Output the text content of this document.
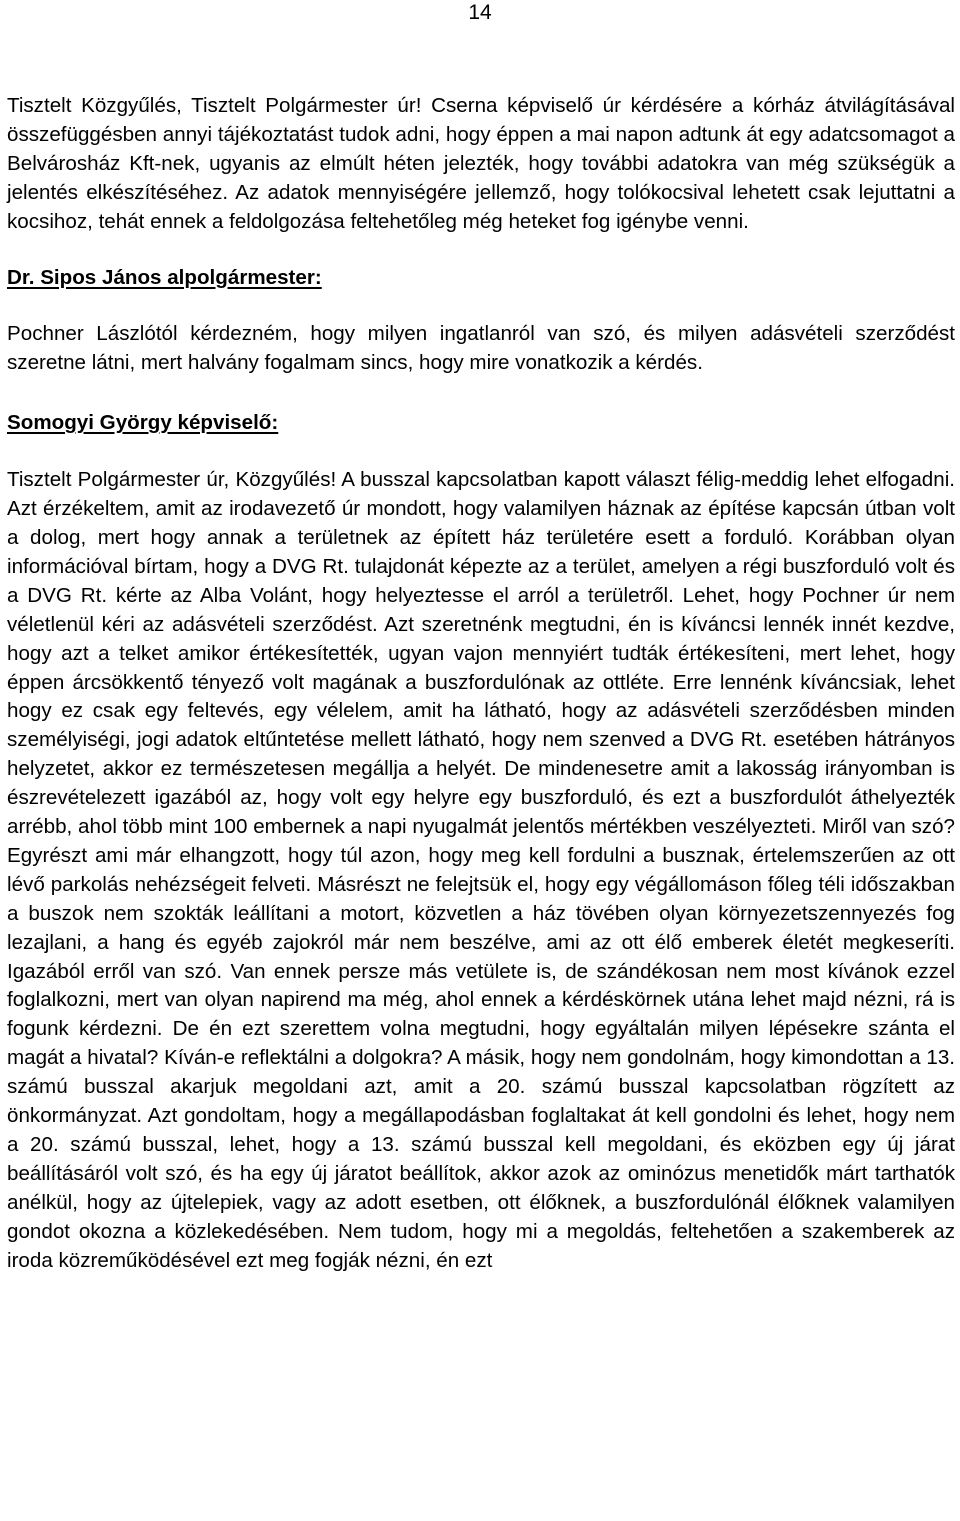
14

Tisztelt Közgyűlés, Tisztelt Polgármester úr! Cserna képviselő úr kérdésére a kórház átvilágításával összefüggésben annyi tájékoztatást tudok adni, hogy éppen a mai napon adtunk át egy adatcsomagot a Belvárosház Kft-nek, ugyanis az elmúlt héten jelezték, hogy további adatokra van még szükségük a jelentés elkészítéséhez. Az adatok mennyiségére jellemző, hogy tolókocsival lehetett csak lejuttatni a kocsihoz, tehát ennek a feldolgozása feltehetőleg még heteket fog igénybe venni.

Dr. Sipos János alpolgármester:

Pochner Lászlótól kérdezném, hogy milyen ingatlanról van szó, és milyen adásvételi szerződést szeretne látni, mert halvány fogalmam sincs, hogy mire vonatkozik a kérdés.

Somogyi György képviselő:

Tisztelt Polgármester úr, Közgyűlés! A busszal kapcsolatban kapott választ félig-meddig lehet elfogadni. Azt érzékeltem, amit az irodavezető úr mondott, hogy valamilyen háznak az építése kapcsán útban volt a dolog, mert hogy annak a területnek az épített ház területére esett a forduló. Korábban olyan információval bírtam, hogy a DVG Rt. tulajdonát képezte az a terület, amelyen a régi buszforduló volt és a DVG Rt. kérte az Alba Volánt, hogy helyeztesse el arról a területről. Lehet, hogy Pochner úr nem véletlenül kéri az adásvételi szerződést. Azt szeretnénk megtudni, én is kíváncsi lennék innét kezdve, hogy azt a telket amikor értékesítették, ugyan vajon mennyiért tudták értékesíteni, mert lehet, hogy éppen árcsökkentő tényező volt magának a buszfordulónak az ottléte. Erre lennénk kíváncsiak, lehet hogy ez csak egy feltevés, egy vélelem, amit ha látható, hogy az adásvételi szerződésben minden személyiségi, jogi adatok eltűntetése mellett látható, hogy nem szenved a DVG Rt. esetében hátrányos helyzetet, akkor ez természetesen megállja a helyét. De mindenesetre amit a lakosság irányomban is észrevételezett igazából az, hogy volt egy helyre egy buszforduló, és ezt a buszfordulót áthelyezték arrébb, ahol több mint 100 embernek a napi nyugalmát jelentős mértékben veszélyezteti. Miről van szó? Egyrészt ami már elhangzott, hogy túl azon, hogy meg kell fordulni a busznak, értelemszerűen az ott lévő parkolás nehézségeit felveti. Másrészt ne felejtsük el, hogy egy végállomáson főleg téli időszakban a buszok nem szokták leállítani a motort, közvetlen a ház tövében olyan környezetszennyezés fog lezajlani, a hang és egyéb zajokról már nem beszélve, ami az ott élő emberek életét megkeseríti. Igazából erről van szó. Van ennek persze más vetülete is, de szándékosan nem most kívánok ezzel foglalkozni, mert van olyan napirend ma még, ahol ennek a kérdéskörnek utána lehet majd nézni, rá is fogunk kérdezni. De én ezt szerettem volna megtudni, hogy egyáltalán milyen lépésekre szánta el magát a hivatal? Kíván-e reflektálni a dolgokra? A másik, hogy nem gondolnám, hogy kimondottan a 13. számú busszal akarjuk megoldani azt, amit a 20. számú busszal kapcsolatban rögzített az önkormányzat. Azt gondoltam, hogy a megállapodásban foglaltakat át kell gondolni és lehet, hogy nem a 20. számú busszal, lehet, hogy a 13. számú busszal kell megoldani, és eközben egy új járat beállításáról volt szó, és ha egy új járatot beállítok, akkor azok az ominózus menetidők márt tarthatók anélkül, hogy az újtelepiek, vagy az adott esetben, ott élőknek, a buszfordulónál élőknek valamilyen gondot okozna a közlekedésében. Nem tudom, hogy mi a megoldás, feltehetően a szakemberek az iroda közreműködésével ezt meg fogják nézni, én ezt
